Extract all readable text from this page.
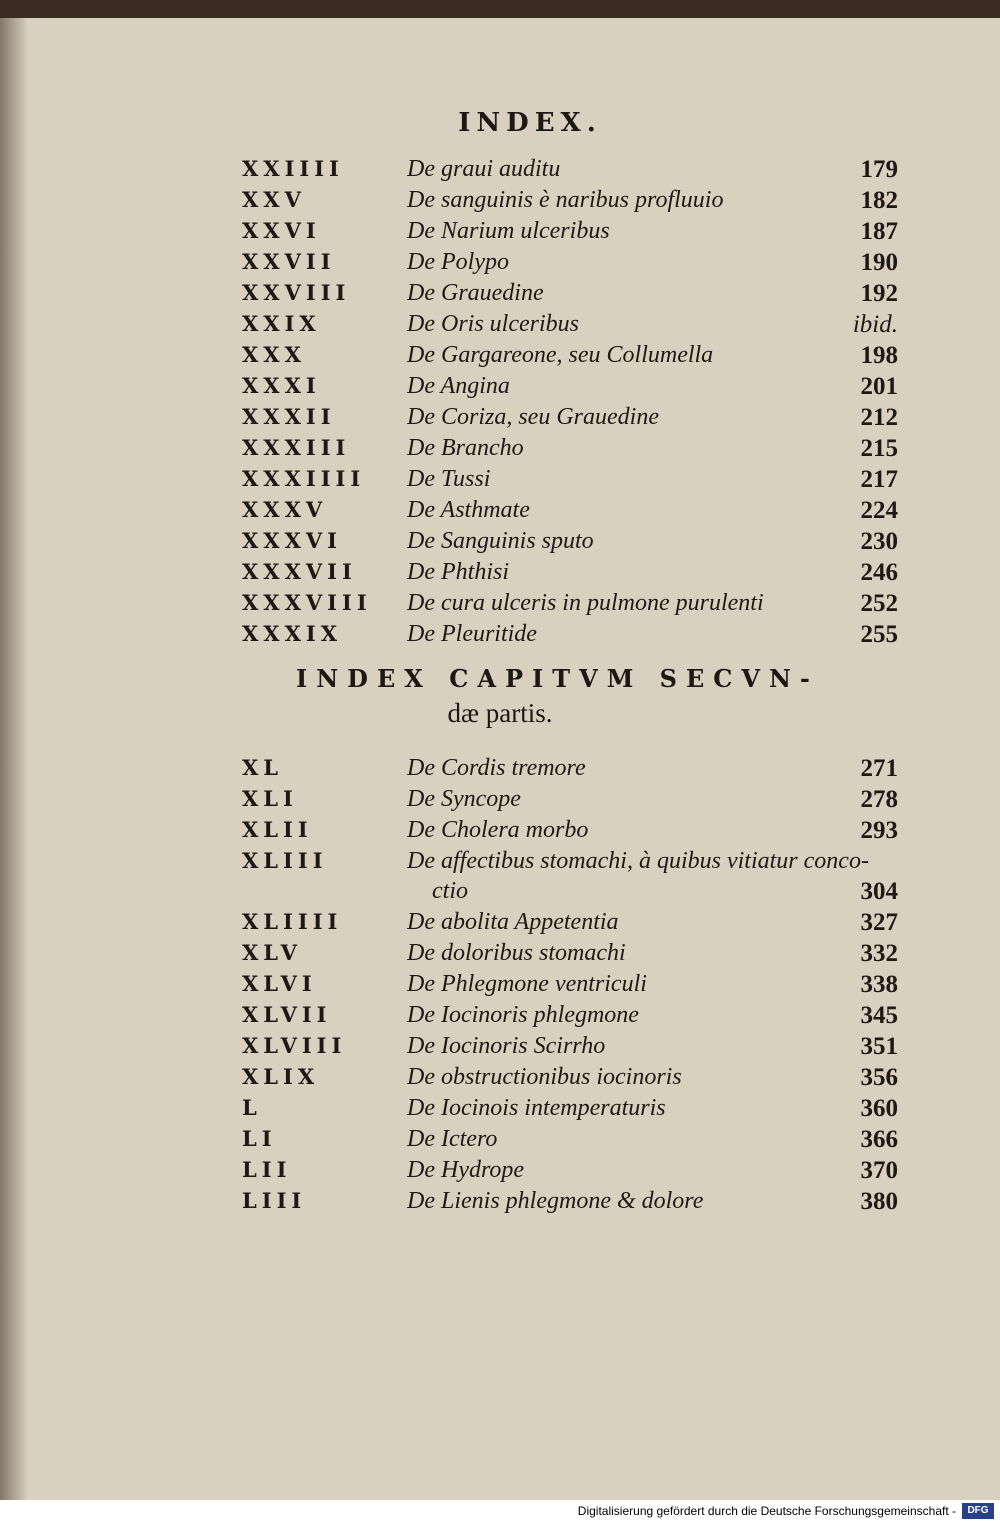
INDEX.
XXIIII	De graui auditu	179
XXV	De sanguinis è naribus profluuio	182
XXVI	De Narium ulceribus	187
XXVII	De Polypo	190
XXVIII De Grauedine	192
XXIX	De Oris ulceribus	ibid.
XXX	De Gargareone, seu Collumella	198
XXXI	De Angina	201
XXXII	De Coriza, seu Grauedine	212
XXXIII De Brancho	215
XXXIIII De Tussi	217
XXXV	De Asthmate	224
XXXVI	De Sanguinis sputo	230
XXXVII De Phthisi	246
XXXVIII De cura ulceris in pulmone purulenti	252
XXXIX	De Pleuritide	255
INDEX CAPITVM SECVN-
dæ partis.
XL	De Cordis tremore	271
XLI	De Syncope	278
XLII	De Cholera morbo	293
XLIII	De affectibus stomachi, à quibus vitiatur conco-
ctio	304
XLIIII	De abolita Appetentia	327
XLV	De doloribus stomachi	332
XLVI	De Phlegmone ventriculi	338
XLVII	De Iocinoris phlegmone	345
XLVIII	De Iocinoris Scirrho	351
XLIX	De obstructionibus iocinoris	356
L	De Iocinois intemperaturis	360
LI	De Ictero	366
LII	De Hydrope	370
LIII	De Lienis phlegmone & dolore	380
Digitalisierung gefördert durch die Deutsche Forschungsgemeinschaft -	DFG
